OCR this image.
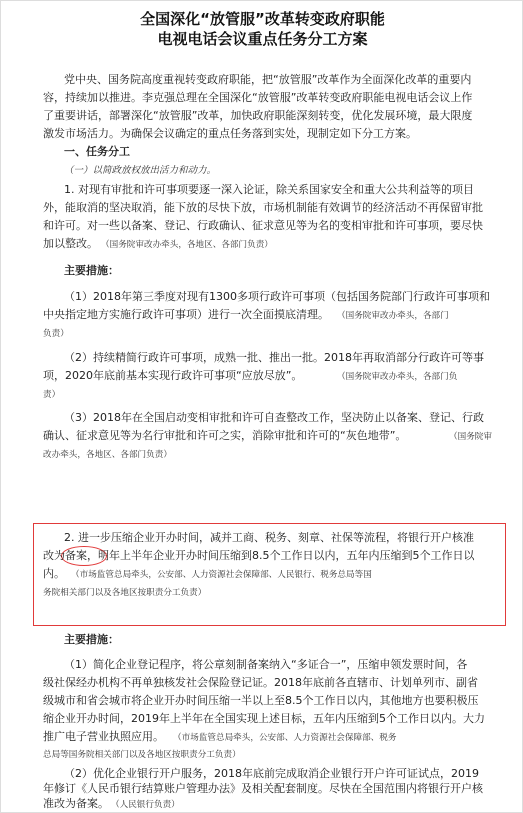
全国深化“放管服”改革转变政府职能
电视电话会议重点任务分工方案
党中央、国务院高度重视转变政府职能，把“放管服”改革作为全面深化改革的重要内
容，持续加以推进。李克强总理在全国深化“放管服”改革转变政府职能电视电话会议上作
了重要讲话，部署深化“放管服”改革，加快政府职能深刻转变，优化发展环境，最大限度
激发市场活力。为确保会议确定的重点任务落到实处，现制定如下分工方案。
一、任务分工
（一）以简政放权放出活力和动力。
1. 对现有审批和许可事项要逐一深入论证，除关系国家安全和重大公共利益等的项目
外，能取消的坚决取消，能下放的尽快下放，市场机制能有效调节的经济活动不再保留审批
和许可。对一些以备案、登记、行政确认、征求意见等为名的变相审批和许可事项，要尽快
加以整改。 （国务院审改办牵头，各地区、各部门负责）
主要措施：
（1）2018年第三季度对现有1300多项行政许可事项（包括国务院部门行政许可事项和
中央指定地方实施行政许可事项）进行一次全面摸底清理。 （国务院审改办牵头，各部门
负责）
（2）持续精简行政许可事项，成熟一批、推出一批。2018年再取消部分行政许可等事
项，2020年底前基本实现行政许可事项“应放尽放”。	（国务院审改办牵头，各部门负
责）
（3）2018年在全国启动变相审批和许可自查整改工作，坚决防止以备案、登记、行政
确认、征求意见等为名行审批和许可之实，消除审批和许可的“灰色地带”。	（国务院审
改办牵头，各地区、各部门负责）
2. 进一步压缩企业开办时间，减并工商、税务、刻章、社保等流程，将银行开户核准
改为备案，明年上半年企业开办时间压缩到8.5个工作日以内，五年内压缩到5个工作日以
内。 （市场监管总局牵头，公安部、人力资源社会保障部、人民银行、税务总局等国
务院相关部门以及各地区按职责分工负责）
主要措施：
（1）简化企业登记程序，将公章刻制备案纳入“多证合一”，压缩申领发票时间，各
级社保经办机构不再单独核发社会保险登记证。2018年底前各直辖市、计划单列市、副省
级城市和省会城市将企业开办时间压缩一半以上至8.5个工作日以内，其他地方也要积极压
缩企业开办时间，2019年上半年在全国实现上述目标，五年内压缩到5个工作日以内。大力
推广电子营业执照应用。 （市场监管总局牵头，公安部、人力资源社会保障部、税务
总局等国务院相关部门以及各地区按职责分工负责）
（2）优化企业银行开户服务，2018年底前完成取消企业银行开户许可证试点，2019
年修订《人民币银行结算账户管理办法》及相关配套制度。尽快在全国范围内将银行开户核
准改为备案。 （人民银行负责）
